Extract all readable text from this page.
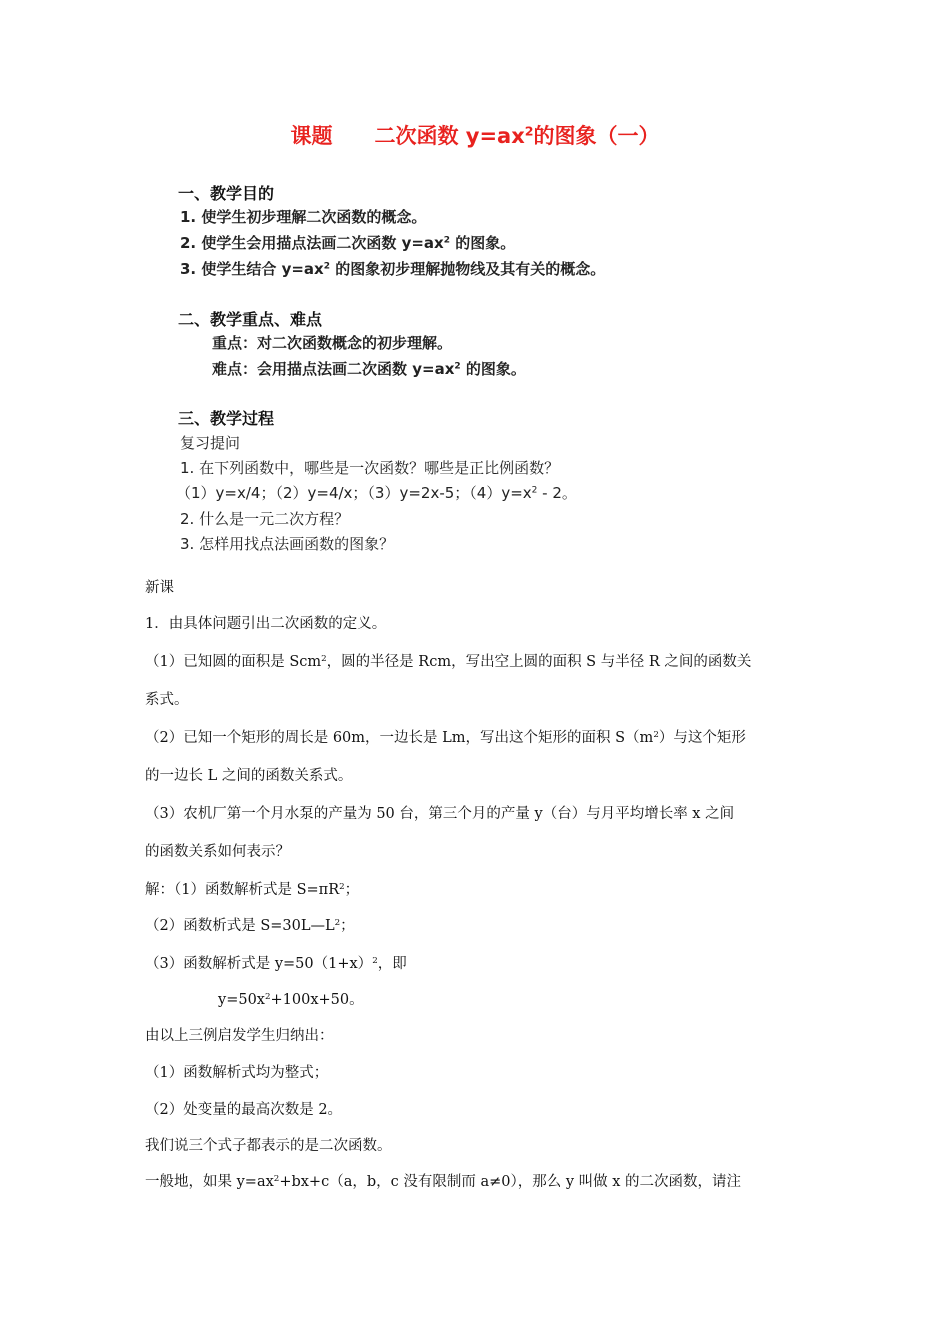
课题 二次函数 $y=ax^2$的图象（一）
一、教学目的
1. 使学生初步理解二次函数的概念。
2. 使学生会用描点法画二次函数 $y=ax^2$ 的图象。
3. 使学生结合 $y=ax^2$ 的图象初步理解抛物线及其有关的概念。
二、教学重点、难点
重点：对二次函数概念的初步理解。
难点：会用描点法画二次函数 $y=ax^2$ 的图象。
三、教学过程
复习提问
1. 在下列函数中，哪些是一次函数？哪些是正比例函数？
（1）y=x/4；（2）y=4/x；（3）y=2x-5；$(4)y=x^2 - 2$。
2. 什么是一元二次方程？
3. 怎样用找点法画函数的图象？
新课
1．由具体问题引出二次函数的定义。
（1）已知圆的面积是 Scm$^2$，圆的半径是 Rcm，写出空上圆的面积 S 与半径 R 之间的函数关
系式。
（2）已知一个矩形的周长是 60m，一边长是 Lm，写出这个矩形的面积 $S(m^2)$与这个矩形
的一边长 L 之间的函数关系式。
（3）农机厂第一个月水泵的产量为 50 台，第三个月的产量 y（台）与月平均增长率 x 之间
的函数关系如何表示？
解：（1）函数解析式是 $S=\pi R^2$；
（2）函数析式是 $S=30L—L^2$；
（3）函数解析式是 $y=50(1+x)^2$，即
$y=50x^2+100x+50$。
由以上三例启发学生归纳出：
（1）函数解析式均为整式；
（2）处变量的最高次数是 2。
我们说三个式子都表示的是二次函数。
一般地，如果 $y=ax^2+bx+c(a$，b，c 没有限制而 a≠0），那么 y 叫做 x 的二次函数，请注
